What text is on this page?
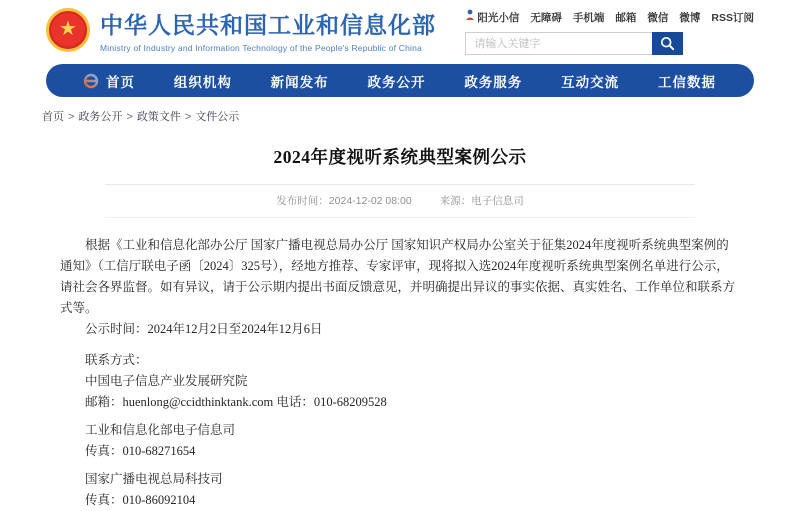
★ 中华人民共和国工业和信息化部
Ministry of Industry and Information Technology of the People's Republic of China
阳光小信 无障碍 手机端 邮箱 微信 微博 RSS订阅
请输入关键字
首页	组织机构	新闻发布	政务公开	政务服务	互动交流	工信数据
首页 > 政务公开 > 政策文件 > 文件公示
2024年度视听系统典型案例公示
发布时间：2024-12-02 08:00	来源：电子信息司

根据《工业和信息化部办公厅 国家广播电视总局办公厅 国家知识产权局办公室关于征集2024年度视听系统典型案例的通知》（工信厅联电子函〔2024〕325号），经地方推荐、专家评审，现将拟入选2024年度视听系统典型案例名单进行公示，请社会各界监督。如有异议，请于公示期内提出书面反馈意见，并明确提出异议的事实依据、真实姓名、工作单位和联系方式等。

公示时间：2024年12月2日至2024年12月6日

联系方式：

中国电子信息产业发展研究院

邮箱：huenlong@ccidthinktank.com 电话：010-68209528

工业和信息化部电子信息司

传真：010-68271654

国家广播电视总局科技司

传真：010-86092104
